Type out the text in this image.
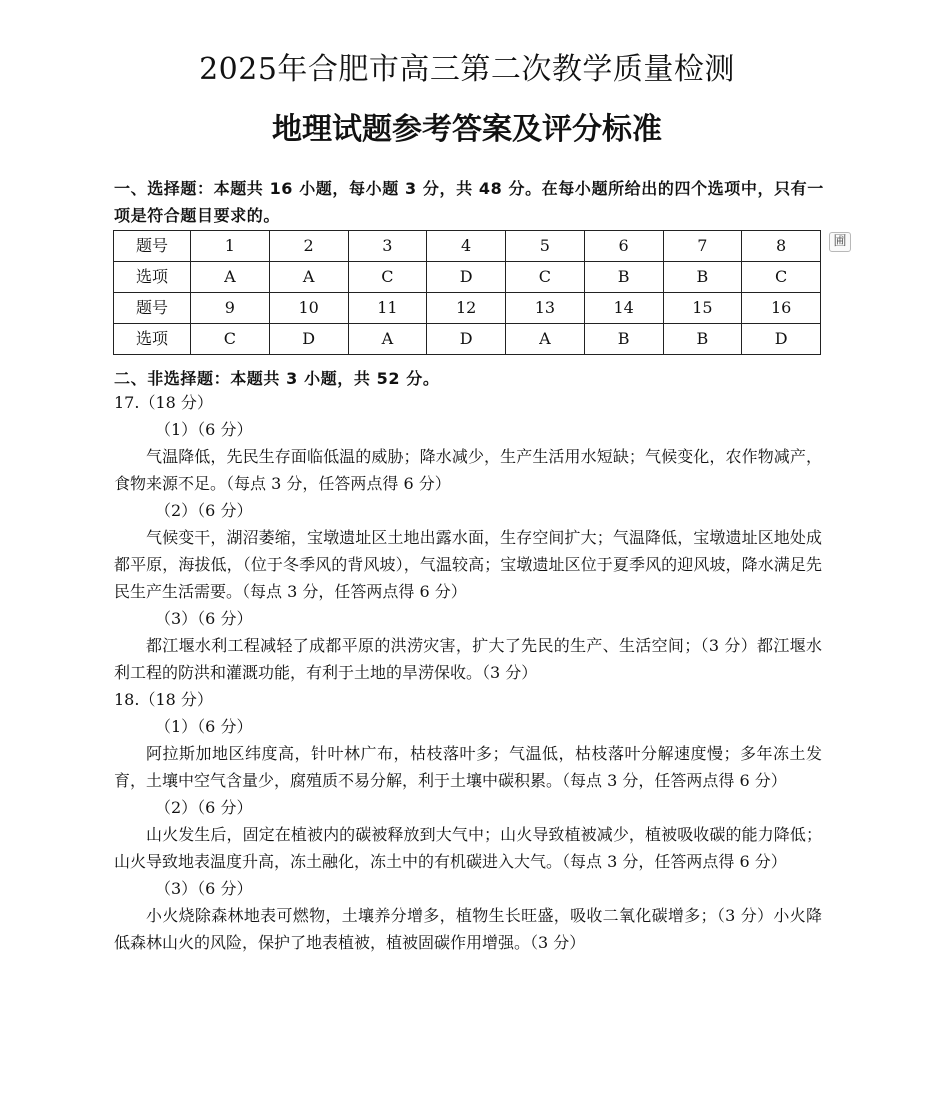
2025年合肥市高三第二次教学质量检测
地理试题参考答案及评分标准

一、选择题：本题共 16 小题，每小题 3 分，共 48 分。在每小题所给出的四个选项中，只有一项是符合题目要求的。

题号	1	2	3	4	5	6	7	8
选项	A	A	C	D	C	B	B	C
题号	9	10	11	12	13	14	15	16
选项	C	D	A	D	A	B	B	D
圃

二、非选择题：本题共 3 小题，共 52 分。

17.（18 分）

（1）（6 分）

气温降低，先民生存面临低温的威胁；降水减少，生产生活用水短缺；气候变化，农作物减产，食物来源不足。（每点 3 分，任答两点得 6 分）

（2）（6 分）

气候变干，湖沼萎缩，宝墩遗址区土地出露水面，生存空间扩大；气温降低，宝墩遗址区地处成都平原，海拔低，（位于冬季风的背风坡），气温较高；宝墩遗址区位于夏季风的迎风坡，降水满足先民生产生活需要。（每点 3 分，任答两点得 6 分）

（3）（6 分）

都江堰水利工程减轻了成都平原的洪涝灾害，扩大了先民的生产、生活空间；（3 分）都江堰水利工程的防洪和灌溉功能，有利于土地的旱涝保收。（3 分）

18.（18 分）

（1）（6 分）

阿拉斯加地区纬度高，针叶林广布，枯枝落叶多；气温低，枯枝落叶分解速度慢；多年冻土发育，土壤中空气含量少，腐殖质不易分解，利于土壤中碳积累。（每点 3 分，任答两点得 6 分）

（2）（6 分）

山火发生后，固定在植被内的碳被释放到大气中；山火导致植被减少，植被吸收碳的能力降低；山火导致地表温度升高，冻土融化，冻土中的有机碳进入大气。（每点 3 分，任答两点得 6 分）

（3）（6 分）

小火烧除森林地表可燃物，土壤养分增多，植物生长旺盛，吸收二氧化碳增多；（3 分）小火降低森林山火的风险，保护了地表植被，植被固碳作用增强。（3 分）
